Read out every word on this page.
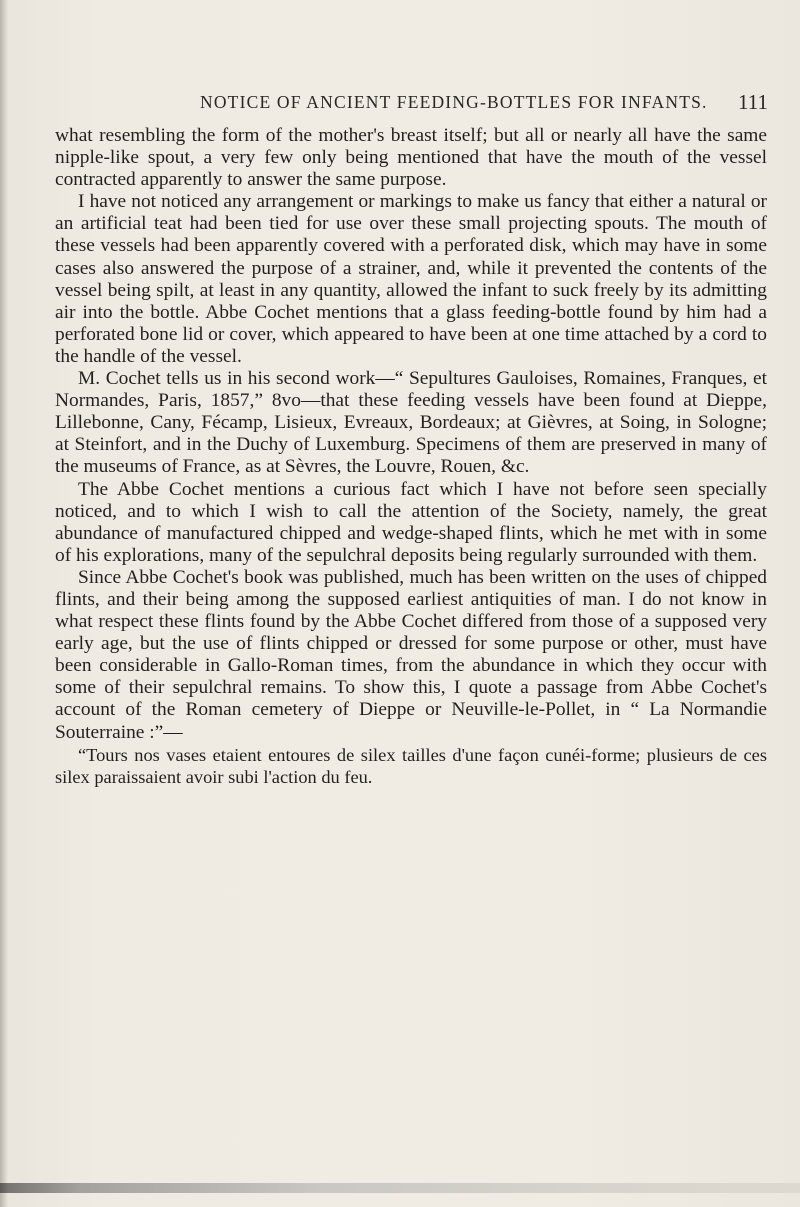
NOTICE OF ANCIENT FEEDING-BOTTLES FOR INFANTS. 111

what resembling the form of the mother's breast itself; but all or nearly all have the same nipple-like spout, a very few only being mentioned that have the mouth of the vessel contracted apparently to answer the same purpose.

I have not noticed any arrangement or markings to make us fancy that either a natural or an artificial teat had been tied for use over these small projecting spouts. The mouth of these vessels had been apparently covered with a perforated disk, which may have in some cases also answered the purpose of a strainer, and, while it prevented the contents of the vessel being spilt, at least in any quantity, allowed the infant to suck freely by its admitting air into the bottle. Abbe Cochet mentions that a glass feeding-bottle found by him had a perforated bone lid or cover, which appeared to have been at one time attached by a cord to the handle of the vessel.

M. Cochet tells us in his second work—“ Sepultures Gauloises, Romaines, Franques, et Normandes, Paris, 1857,” 8vo—that these feeding vessels have been found at Dieppe, Lillebonne, Cany, Fécamp, Lisieux, Evreaux, Bordeaux; at Gièvres, at Soing, in Sologne; at Steinfort, and in the Duchy of Luxemburg. Specimens of them are preserved in many of the museums of France, as at Sèvres, the Louvre, Rouen, &c.

The Abbe Cochet mentions a curious fact which I have not before seen specially noticed, and to which I wish to call the attention of the Society, namely, the great abundance of manufactured chipped and wedge-shaped flints, which he met with in some of his explorations, many of the sepulchral deposits being regularly surrounded with them.

Since Abbe Cochet's book was published, much has been written on the uses of chipped flints, and their being among the supposed earliest antiquities of man. I do not know in what respect these flints found by the Abbe Cochet differed from those of a supposed very early age, but the use of flints chipped or dressed for some purpose or other, must have been considerable in Gallo-Roman times, from the abundance in which they occur with some of their sepulchral remains. To show this, I quote a passage from Abbe Cochet's account of the Roman cemetery of Dieppe or Neuville-le-Pollet, in “ La Normandie Souterraine :”—

“Tours nos vases etaient entoures de silex tailles d'une façon cunéi-forme; plusieurs de ces silex paraissaient avoir subi l'action du feu.
